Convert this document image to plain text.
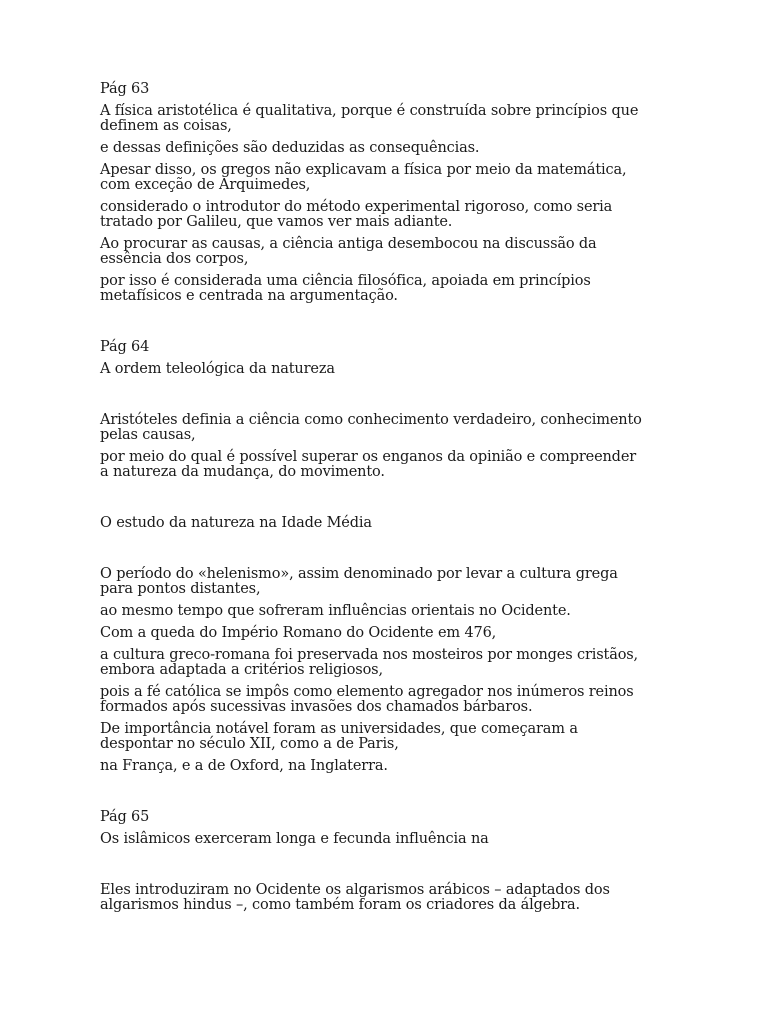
Pág 63

A física aristotélica é qualitativa, porque é construída sobre princípios que definem as coisas,

e dessas definições são deduzidas as consequências.

Apesar disso, os gregos não explicavam a física por meio da matemática, com exceção de Arquimedes,

considerado o introdutor do método experimental rigoroso, como seria tratado por Galileu, que vamos ver mais adiante.

Ao procurar as causas, a ciência antiga desembocou na discussão da essência dos corpos,

por isso é considerada uma ciência filosófica, apoiada em princípios metafísicos e centrada na argumentação.

Pág 64

A ordem teleológica da natureza

Aristóteles definia a ciência como conhecimento verdadeiro, conhecimento pelas causas,

por meio do qual é possível superar os enganos da opinião e compreender a natureza da mudança, do movimento.

O estudo da natureza na Idade Média

O período do «helenismo», assim denominado por levar a cultura grega para pontos distantes,

ao mesmo tempo que sofreram influências orientais no Ocidente.

Com a queda do Império Romano do Ocidente em 476,

a cultura greco-romana foi preservada nos mosteiros por monges cristãos, embora adaptada a critérios religiosos,

pois a fé católica se impôs como elemento agregador nos inúmeros reinos formados após sucessivas invasões dos chamados bárbaros.

De importância notável foram as universidades, que começaram a despontar no século XII, como a de Paris,

na França, e a de Oxford, na Inglaterra.

Pág 65

Os islâmicos exerceram longa e fecunda influência na

Eles introduziram no Ocidente os algarismos arábicos – adaptados dos algarismos hindus –, como também foram os criadores da álgebra.
